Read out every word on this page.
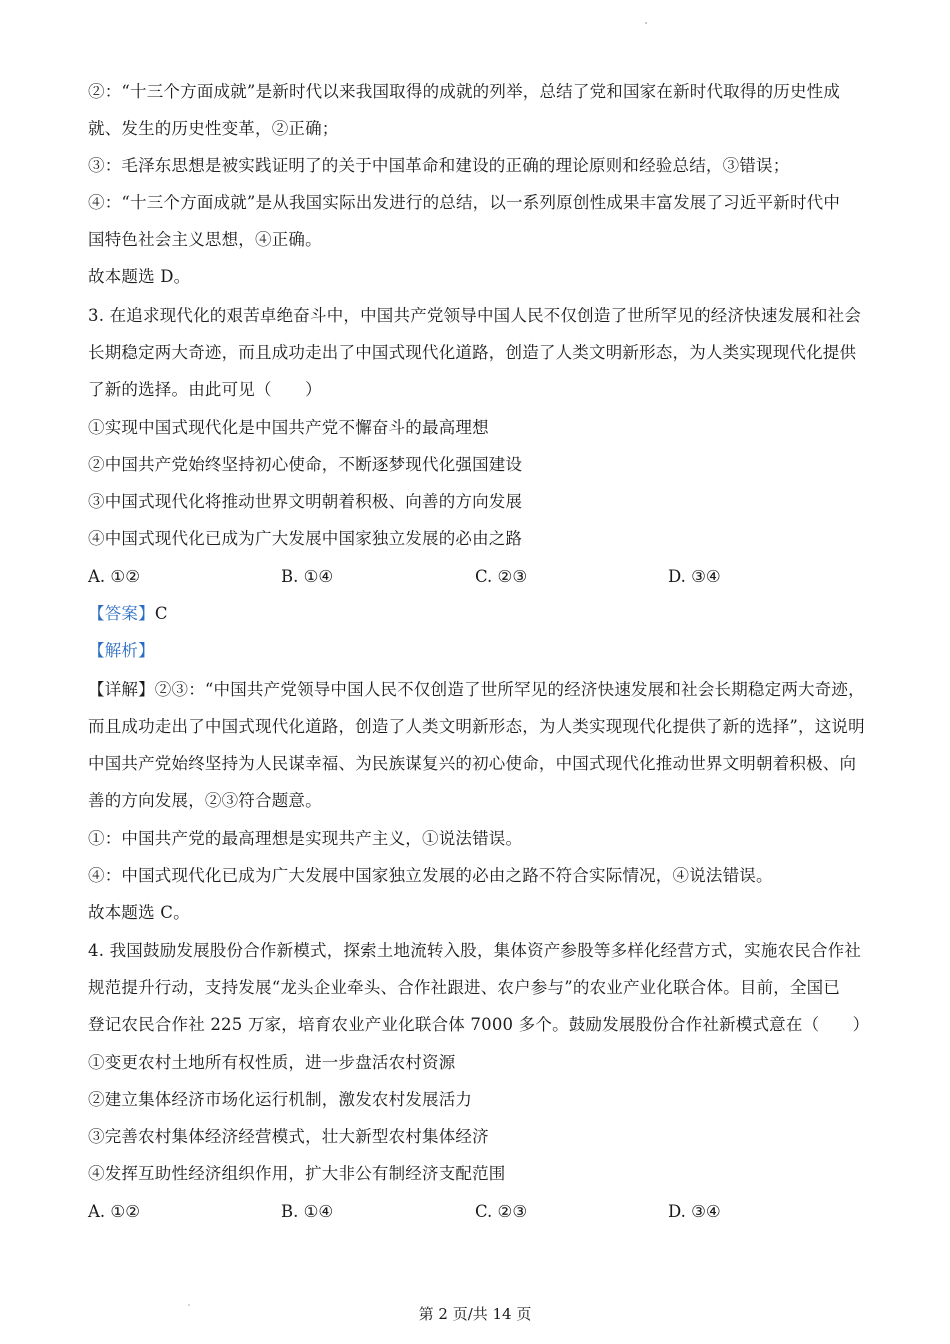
②：“十三个方面成就”是新时代以来我国取得的成就的列举，总结了党和国家在新时代取得的历史性成
就、发生的历史性变革，②正确；
③：毛泽东思想是被实践证明了的关于中国革命和建设的正确的理论原则和经验总结，③错误；
④：“十三个方面成就”是从我国实际出发进行的总结，以一系列原创性成果丰富发展了习近平新时代中
国特色社会主义思想，④正确。
故本题选 D。
3. 在追求现代化的艰苦卓绝奋斗中，中国共产党领导中国人民不仅创造了世所罕见的经济快速发展和社会
长期稳定两大奇迹，而且成功走出了中国式现代化道路，创造了人类文明新形态，为人类实现现代化提供
了新的选择。由此可见（　　）
①实现中国式现代化是中国共产党不懈奋斗的最高理想
②中国共产党始终坚持初心使命，不断逐梦现代化强国建设
③中国式现代化将推动世界文明朝着积极、向善的方向发展
④中国式现代化已成为广大发展中国家独立发展的必由之路
A. ①②	B. ①④	C. ②③	D. ③④
【答案】C
【解析】
【详解】②③：“中国共产党领导中国人民不仅创造了世所罕见的经济快速发展和社会长期稳定两大奇迹，
而且成功走出了中国式现代化道路，创造了人类文明新形态，为人类实现现代化提供了新的选择”，这说明
中国共产党始终坚持为人民谋幸福、为民族谋复兴的初心使命，中国式现代化推动世界文明朝着积极、向
善的方向发展，②③符合题意。
①：中国共产党的最高理想是实现共产主义，①说法错误。
④：中国式现代化已成为广大发展中国家独立发展的必由之路不符合实际情况，④说法错误。
故本题选 C。
4. 我国鼓励发展股份合作新模式，探索土地流转入股，集体资产参股等多样化经营方式，实施农民合作社
规范提升行动，支持发展“龙头企业牵头、合作社跟进、农户参与”的农业产业化联合体。目前，全国已
登记农民合作社 225 万家，培育农业产业化联合体 7000 多个。鼓励发展股份合作社新模式意在（　　）
①变更农村土地所有权性质，进一步盘活农村资源
②建立集体经济市场化运行机制，激发农村发展活力
③完善农村集体经济经营模式，壮大新型农村集体经济
④发挥互助性经济组织作用，扩大非公有制经济支配范围
A. ①②	B. ①④	C. ②③	D. ③④
第 2 页/共 14 页
